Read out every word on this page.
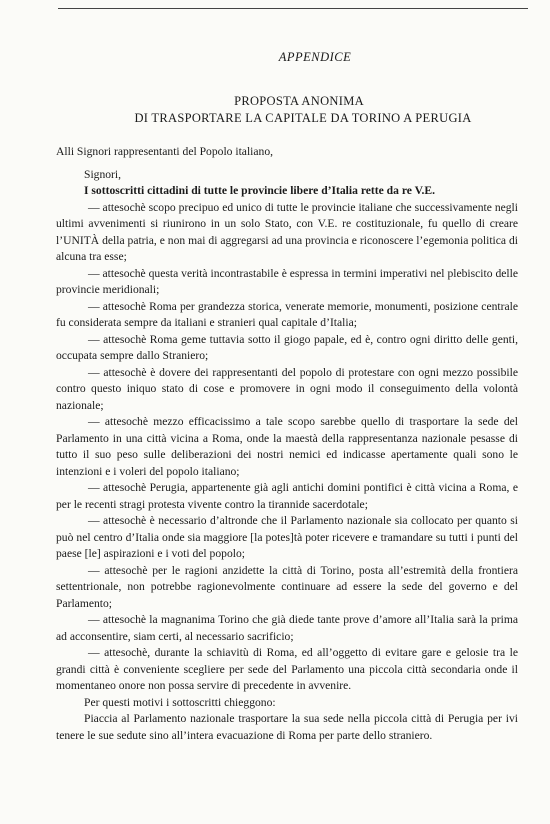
APPENDICE
PROPOSTA ANONIMA
DI TRASPORTARE LA CAPITALE DA TORINO A PERUGIA

Alli Signori rappresentanti del Popolo italiano,

Signori,

I sottoscritti cittadini di tutte le provincie libere d’Italia rette da re V.E.

— attesochè scopo precipuo ed unico di tutte le provincie italiane che successivamente negli ultimi avvenimenti si riunirono in un solo Stato, con V.E. re costituzionale, fu quello di creare l’UNITÀ della patria, e non mai di aggregarsi ad una provincia e riconoscere l’egemonia politica di alcuna tra esse;

— attesochè questa verità incontrastabile è espressa in termini imperativi nel plebiscito delle provincie meridionali;

— attesochè Roma per grandezza storica, venerate memorie, monumenti, posizione centrale fu considerata sempre da italiani e stranieri qual capitale d’Italia;

— attesochè Roma geme tuttavia sotto il giogo papale, ed è, contro ogni diritto delle genti, occupata sempre dallo Straniero;

— attesochè è dovere dei rappresentanti del popolo di protestare con ogni mezzo possibile contro questo iniquo stato di cose e promovere in ogni modo il conseguimento della volontà nazionale;

— attesochè mezzo efficacissimo a tale scopo sarebbe quello di trasportare la sede del Parlamento in una città vicina a Roma, onde la maestà della rappresentanza nazionale pesasse di tutto il suo peso sulle deliberazioni dei nostri nemici ed indicasse apertamente quali sono le intenzioni e i voleri del popolo italiano;

— attesochè Perugia, appartenente già agli antichi domini pontifici è città vicina a Roma, e per le recenti stragi protesta vivente contro la tirannide sacerdotale;

— attesochè è necessario d’altronde che il Parlamento nazionale sia collocato per quanto si può nel centro d’Italia onde sia maggiore [la potes]tà poter ricevere e tramandare su tutti i punti del paese [le] aspirazioni e i voti del popolo;

— attesochè per le ragioni anzidette la città di Torino, posta all’estremità della frontiera settentrionale, non potrebbe ragionevolmente continuare ad essere la sede del governo e del Parlamento;

— attesochè la magnanima Torino che già diede tante prove d’amore all’Italia sarà la prima ad acconsentire, siam certi, al necessario sacrificio;

— attesochè, durante la schiavitù di Roma, ed all’oggetto di evitare gare e gelosie tra le grandi città è conveniente scegliere per sede del Parlamento una piccola città secondaria onde il momentaneo onore non possa servire di precedente in avvenire.

Per questi motivi i sottoscritti chieggono:

Piaccia al Parlamento nazionale trasportare la sua sede nella piccola città di Perugia per ivi tenere le sue sedute sino all’intera evacuazione di Roma per parte dello straniero.
